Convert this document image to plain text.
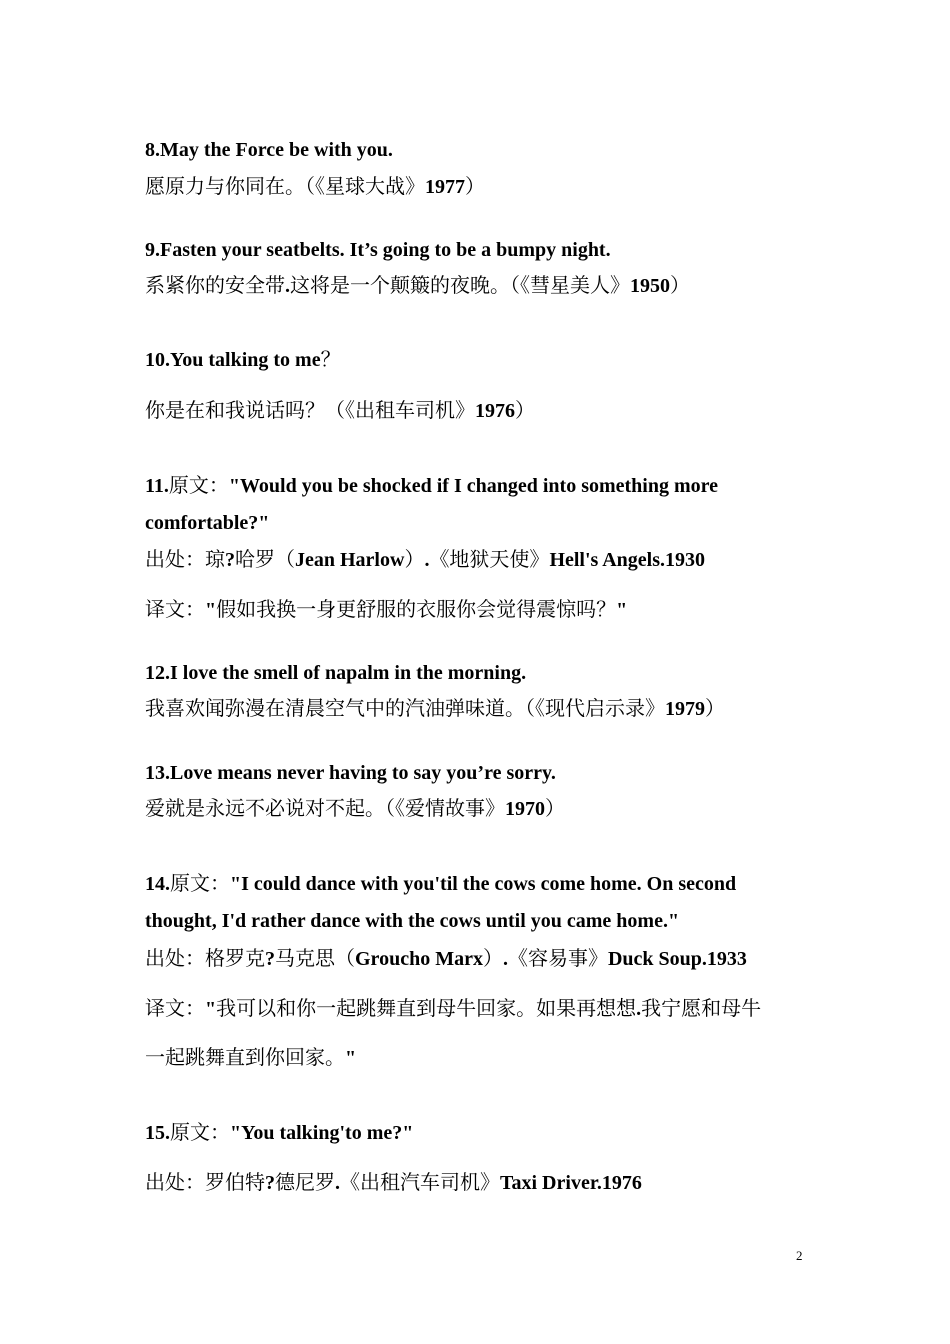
8.May the Force be with you.
愿原力与你同在。（《星球大战》1977）
9.Fasten your seatbelts. It’s going to be a bumpy night.
系紧你的安全带.这将是一个颠簸的夜晚。（《彗星美人》1950）
10.You talking to me？
你是在和我说话吗？（《出租车司机》1976）
11.原文："Would you be shocked if I changed into something more
comfortable?"
出处：琼?哈罗（Jean Harlow）.《地狱天使》Hell's Angels.1930
译文："假如我换一身更舒服的衣服你会觉得震惊吗？"
12.I love the smell of napalm in the morning.
我喜欢闻弥漫在清晨空气中的汽油弹味道。（《现代启示录》1979）
13.Love means never having to say you’re sorry.
爱就是永远不必说对不起。（《爱情故事》1970）
14.原文："I could dance with you'til the cows come home. On second
thought, I'd rather dance with the cows until you came home."
出处：格罗克?马克思（Groucho Marx）.《容易事》Duck Soup.1933
译文："我可以和你一起跳舞直到母牛回家。如果再想想.我宁愿和母牛
一起跳舞直到你回家。"
15.原文："You talking'to me?"
出处：罗伯特?德尼罗.《出租汽车司机》Taxi Driver.1976
2
